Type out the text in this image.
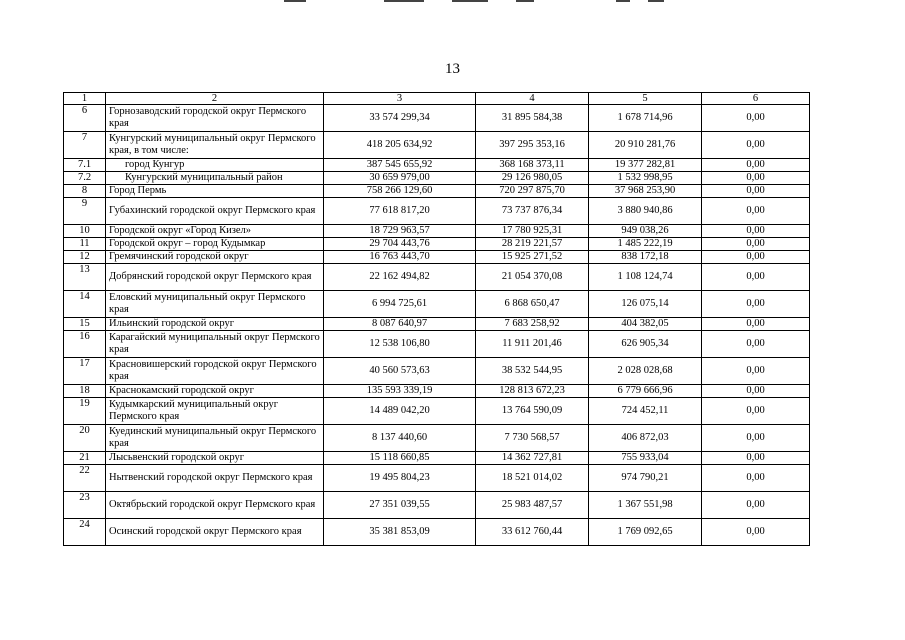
13
1	2	3	4	5	6
6	Горнозаводский городской округ Пермского края	33 574 299,34	31 895 584,38	1 678 714,96	0,00
7	Кунгурский муниципальный округ Пермского края, в том числе:	418 205 634,92	397 295 353,16	20 910 281,76	0,00
7.1	город Кунгур	387 545 655,92	368 168 373,11	19 377 282,81	0,00
7.2	Кунгурский муниципальный район	30 659 979,00	29 126 980,05	1 532 998,95	0,00
8	Город Пермь	758 266 129,60	720 297 875,70	37 968 253,90	0,00
9	Губахинский городской округ Пермского края	77 618 817,20	73 737 876,34	3 880 940,86	0,00
10	Городской округ «Город Кизел»	18 729 963,57	17 780 925,31	949 038,26	0,00
11	Городской округ – город Кудымкар	29 704 443,76	28 219 221,57	1 485 222,19	0,00
12	Гремячинский городской округ	16 763 443,70	15 925 271,52	838 172,18	0,00
13	Добрянский городской округ Пермского края	22 162 494,82	21 054 370,08	1 108 124,74	0,00
14	Еловский муниципальный округ Пермского края	6 994 725,61	6 868 650,47	126 075,14	0,00
15	Ильинский городской округ	8 087 640,97	7 683 258,92	404 382,05	0,00
16	Карагайский муниципальный округ Пермского края	12 538 106,80	11 911 201,46	626 905,34	0,00
17	Красновишерский городской округ Пермского края	40 560 573,63	38 532 544,95	2 028 028,68	0,00
18	Краснокамский городской округ	135 593 339,19	128 813 672,23	6 779 666,96	0,00
19	Кудымкарский муниципальный округ Пермского края	14 489 042,20	13 764 590,09	724 452,11	0,00
20	Куединский муниципальный округ Пермского края	8 137 440,60	7 730 568,57	406 872,03	0,00
21	Лысьвенский городской округ	15 118 660,85	14 362 727,81	755 933,04	0,00
22	Нытвенский городской округ Пермского края	19 495 804,23	18 521 014,02	974 790,21	0,00
23	Октябрьский городской округ Пермского края	27 351 039,55	25 983 487,57	1 367 551,98	0,00
24	Осинский городской округ Пермского края	35 381 853,09	33 612 760,44	1 769 092,65	0,00
